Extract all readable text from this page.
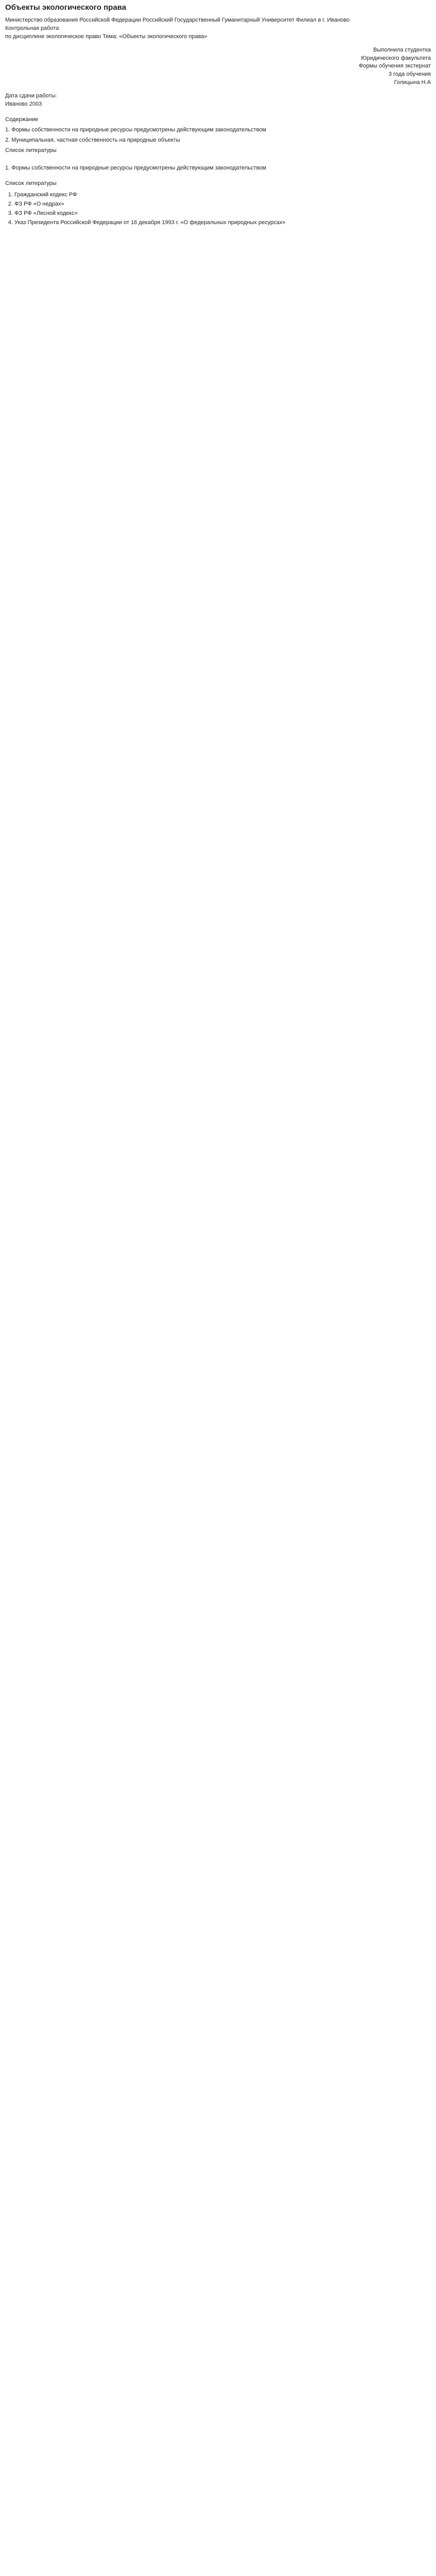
Объекты экологического права

Министерство образования Российской Федерации Российский Государственный Гуманитарный Университет Филиал в г. Иваново

Контрольная работа

по дисциплине экологическое право Тема: «Объекты экологического права»

Выполнила студентка

Юридического факультета

Формы обучения экстернат

3 года обучения

Голицына Н.А

Дата сдачи работы:

Иваново 2003

Содержание

1. Формы собственности на природные ресурсы предусмотрены действующим законодательством

2. Муниципальная, частная собственность на природные объекты

Список литературы

1. Формы собственности на природные ресурсы предусмотрены действующим законодательством

Список литературы

1. Гражданский кодекс РФ
2. ФЗ РФ «О недрах»
3. ФЗ РФ «Лесной кодекс»
4. Указ Президента Российской Федерации от 16 декабря 1993 г. «О федеральных природных ресурсах»
